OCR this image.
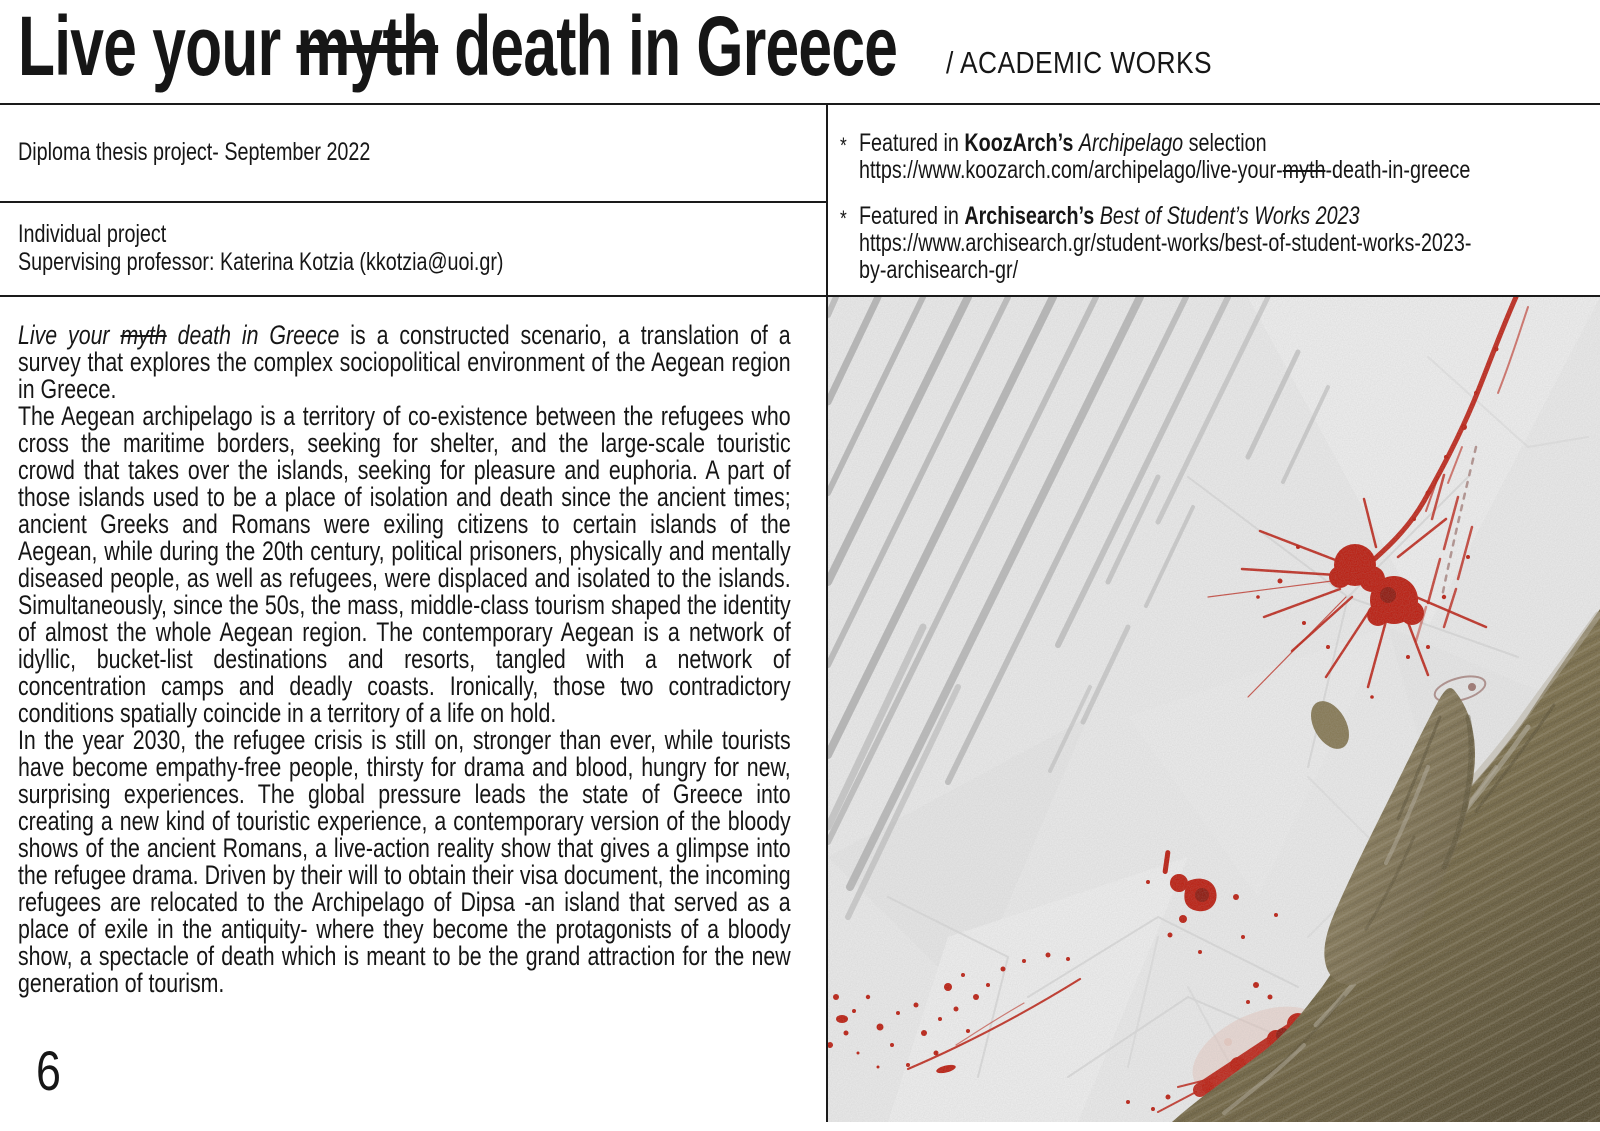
Live your myth death in Greece / ACADEMIC WORKS
Diploma thesis project- September 2022
Individual project
Supervising professor: Katerina Kotzia (kkotzia@uoi.gr)
* Featured in KoozArch’s Archipelago selection
https://www.koozarch.com/archipelago/live-your-myth-death-in-greece
* Featured in Archisearch’s Best of Student’s Works 2023
https://www.archisearch.gr/student-works/best-of-student-works-2023-
by-archisearch-gr/

Live your myth death in Greece is a constructed scenario, a translation of a survey that explores the complex sociopolitical environment of the Aegean region in Greece.

The Aegean archipelago is a territory of co-existence between the refugees who cross the maritime borders, seeking for shelter, and the large-scale touristic crowd that takes over the islands, seeking for pleasure and euphoria. A part of those islands used to be a place of isolation and death since the ancient times; ancient Greeks and Romans were exiling citizens to certain islands of the Aegean, while during the 20th century, political prisoners, physically and mentally diseased people, as well as refugees, were displaced and isolated to the islands. Simultaneously, since the 50s, the mass, middle-class tourism shaped the identity of almost the whole Aegean region. The contemporary Aegean is a network of idyllic, bucket-list destinations and resorts, tangled with a network of concentration camps and deadly coasts. Ironically, those two contradictory conditions spatially coincide in a territory of a life on hold.

In the year 2030, the refugee crisis is still on, stronger than ever, while tourists have become empathy-free people, thirsty for drama and blood, hungry for new, surprising experiences. The global pressure leads the state of Greece into creating a new kind of touristic experience, a contemporary version of the bloody shows of the ancient Romans, a live-action reality show that gives a glimpse into the refugee drama. Driven by their will to obtain their visa document, the incoming refugees are relocated to the Archipelago of Dipsa -an island that served as a place of exile in the antiquity- where they become the protagonists of a bloody show, a spectacle of death which is meant to be the grand attraction for the new generation of tourism.

6
